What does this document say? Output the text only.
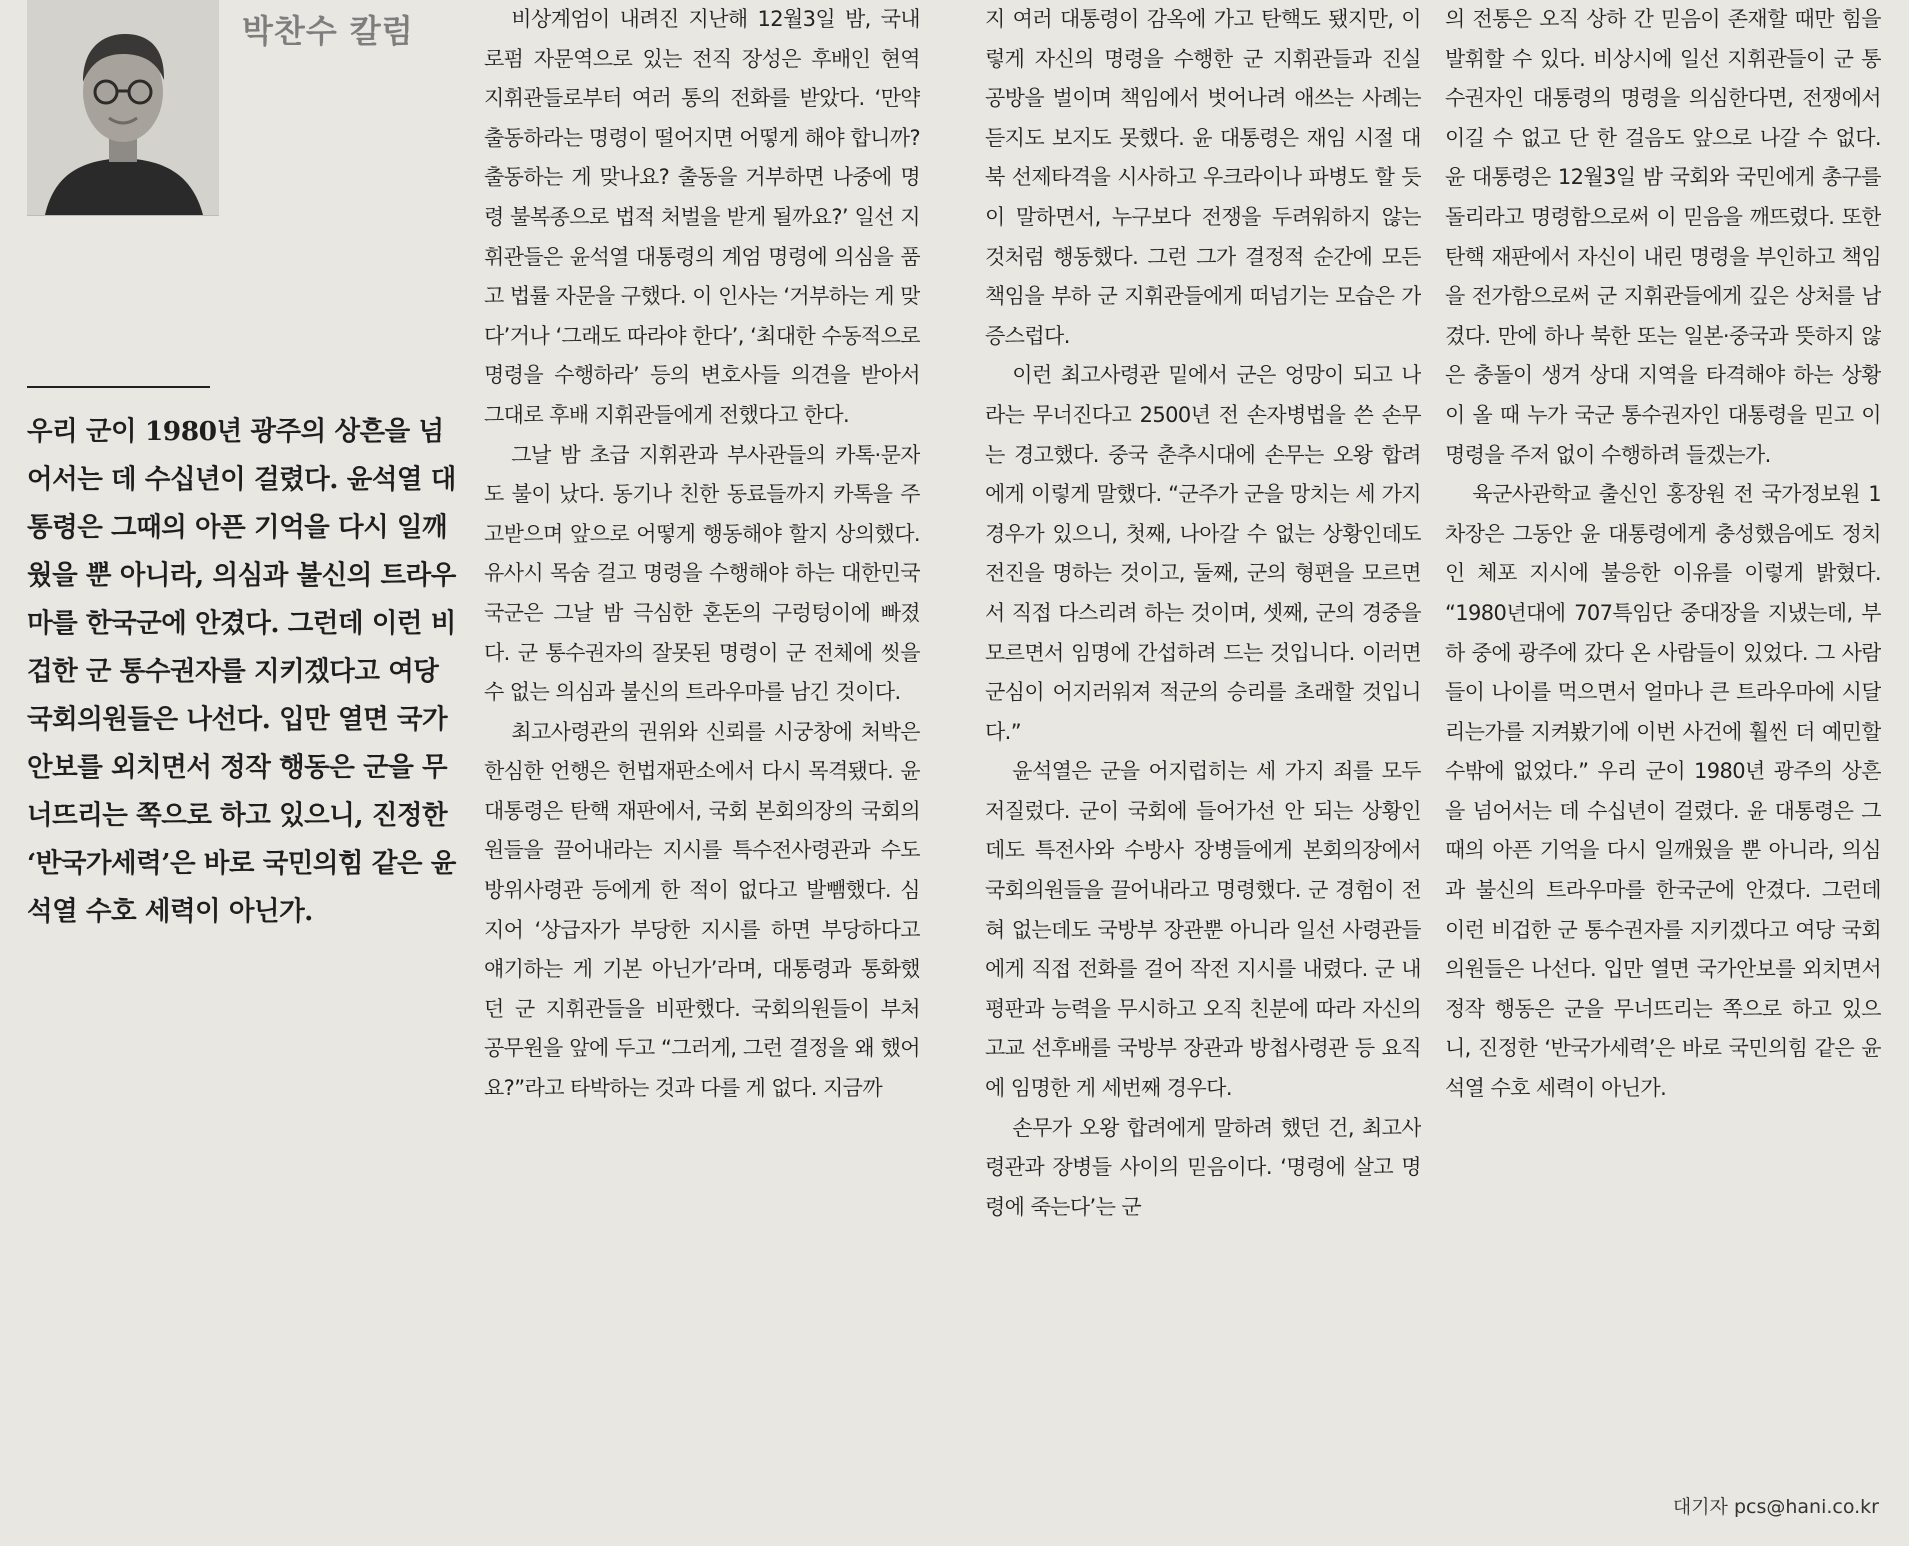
박찬수 칼럼

우리 군이 1980년 광주의 상흔을 넘어서는 데 수십년이 걸렸다. 윤석열 대통령은 그때의 아픈 기억을 다시 일깨웠을 뿐 아니라, 의심과 불신의 트라우마를 한국군에 안겼다. 그런데 이런 비겁한 군 통수권자를 지키겠다고 여당 국회의원들은 나선다. 입만 열면 국가안보를 외치면서 정작 행동은 군을 무너뜨리는 쪽으로 하고 있으니, 진정한 ‘반국가세력’은 바로 국민의힘 같은 윤석열 수호 세력이 아닌가.

비상계엄이 내려진 지난해 12월3일 밤, 국내 로펌 자문역으로 있는 전직 장성은 후배인 현역 지휘관들로부터 여러 통의 전화를 받았다. ‘만약 출동하라는 명령이 떨어지면 어떻게 해야 합니까? 출동하는 게 맞나요? 출동을 거부하면 나중에 명령 불복종으로 법적 처벌을 받게 될까요?’ 일선 지휘관들은 윤석열 대통령의 계엄 명령에 의심을 품고 법률 자문을 구했다. 이 인사는 ‘거부하는 게 맞다’거나 ‘그래도 따라야 한다’, ‘최대한 수동적으로 명령을 수행하라’ 등의 변호사들 의견을 받아서 그대로 후배 지휘관들에게 전했다고 한다.

그날 밤 초급 지휘관과 부사관들의 카톡·문자도 불이 났다. 동기나 친한 동료들까지 카톡을 주고받으며 앞으로 어떻게 행동해야 할지 상의했다. 유사시 목숨 걸고 명령을 수행해야 하는 대한민국 국군은 그날 밤 극심한 혼돈의 구렁텅이에 빠졌다. 군 통수권자의 잘못된 명령이 군 전체에 씻을 수 없는 의심과 불신의 트라우마를 남긴 것이다.

최고사령관의 권위와 신뢰를 시궁창에 처박은 한심한 언행은 헌법재판소에서 다시 목격됐다. 윤 대통령은 탄핵 재판에서, 국회 본회의장의 국회의원들을 끌어내라는 지시를 특수전사령관과 수도방위사령관 등에게 한 적이 없다고 발뺌했다. 심지어 ‘상급자가 부당한 지시를 하면 부당하다고 얘기하는 게 기본 아닌가’라며, 대통령과 통화했던 군 지휘관들을 비판했다. 국회의원들이 부처 공무원을 앞에 두고 “그러게, 그런 결정을 왜 했어요?”라고 타박하는 것과 다를 게 없다. 지금까

지 여러 대통령이 감옥에 가고 탄핵도 됐지만, 이렇게 자신의 명령을 수행한 군 지휘관들과 진실 공방을 벌이며 책임에서 벗어나려 애쓰는 사례는 듣지도 보지도 못했다. 윤 대통령은 재임 시절 대북 선제타격을 시사하고 우크라이나 파병도 할 듯이 말하면서, 누구보다 전쟁을 두려워하지 않는 것처럼 행동했다. 그런 그가 결정적 순간에 모든 책임을 부하 군 지휘관들에게 떠넘기는 모습은 가증스럽다.

이런 최고사령관 밑에서 군은 엉망이 되고 나라는 무너진다고 2500년 전 손자병법을 쓴 손무는 경고했다. 중국 춘추시대에 손무는 오왕 합려에게 이렇게 말했다. “군주가 군을 망치는 세 가지 경우가 있으니, 첫째, 나아갈 수 없는 상황인데도 전진을 명하는 것이고, 둘째, 군의 형편을 모르면서 직접 다스리려 하는 것이며, 셋째, 군의 경중을 모르면서 임명에 간섭하려 드는 것입니다. 이러면 군심이 어지러워져 적군의 승리를 초래할 것입니다.”

윤석열은 군을 어지럽히는 세 가지 죄를 모두 저질렀다. 군이 국회에 들어가선 안 되는 상황인데도 특전사와 수방사 장병들에게 본회의장에서 국회의원들을 끌어내라고 명령했다. 군 경험이 전혀 없는데도 국방부 장관뿐 아니라 일선 사령관들에게 직접 전화를 걸어 작전 지시를 내렸다. 군 내 평판과 능력을 무시하고 오직 친분에 따라 자신의 고교 선후배를 국방부 장관과 방첩사령관 등 요직에 임명한 게 세번째 경우다.

손무가 오왕 합려에게 말하려 했던 건, 최고사령관과 장병들 사이의 믿음이다. ‘명령에 살고 명령에 죽는다’는 군

의 전통은 오직 상하 간 믿음이 존재할 때만 힘을 발휘할 수 있다. 비상시에 일선 지휘관들이 군 통수권자인 대통령의 명령을 의심한다면, 전쟁에서 이길 수 없고 단 한 걸음도 앞으로 나갈 수 없다. 윤 대통령은 12월3일 밤 국회와 국민에게 총구를 돌리라고 명령함으로써 이 믿음을 깨뜨렸다. 또한 탄핵 재판에서 자신이 내린 명령을 부인하고 책임을 전가함으로써 군 지휘관들에게 깊은 상처를 남겼다. 만에 하나 북한 또는 일본·중국과 뜻하지 않은 충돌이 생겨 상대 지역을 타격해야 하는 상황이 올 때 누가 국군 통수권자인 대통령을 믿고 이 명령을 주저 없이 수행하려 들겠는가.

육군사관학교 출신인 홍장원 전 국가정보원 1차장은 그동안 윤 대통령에게 충성했음에도 정치인 체포 지시에 불응한 이유를 이렇게 밝혔다. “1980년대에 707특임단 중대장을 지냈는데, 부하 중에 광주에 갔다 온 사람들이 있었다. 그 사람들이 나이를 먹으면서 얼마나 큰 트라우마에 시달리는가를 지켜봤기에 이번 사건에 훨씬 더 예민할 수밖에 없었다.” 우리 군이 1980년 광주의 상흔을 넘어서는 데 수십년이 걸렸다. 윤 대통령은 그때의 아픈 기억을 다시 일깨웠을 뿐 아니라, 의심과 불신의 트라우마를 한국군에 안겼다. 그런데 이런 비겁한 군 통수권자를 지키겠다고 여당 국회의원들은 나선다. 입만 열면 국가안보를 외치면서 정작 행동은 군을 무너뜨리는 쪽으로 하고 있으니, 진정한 ‘반국가세력’은 바로 국민의힘 같은 윤석열 수호 세력이 아닌가.

대기자 pcs@hani.co.kr
